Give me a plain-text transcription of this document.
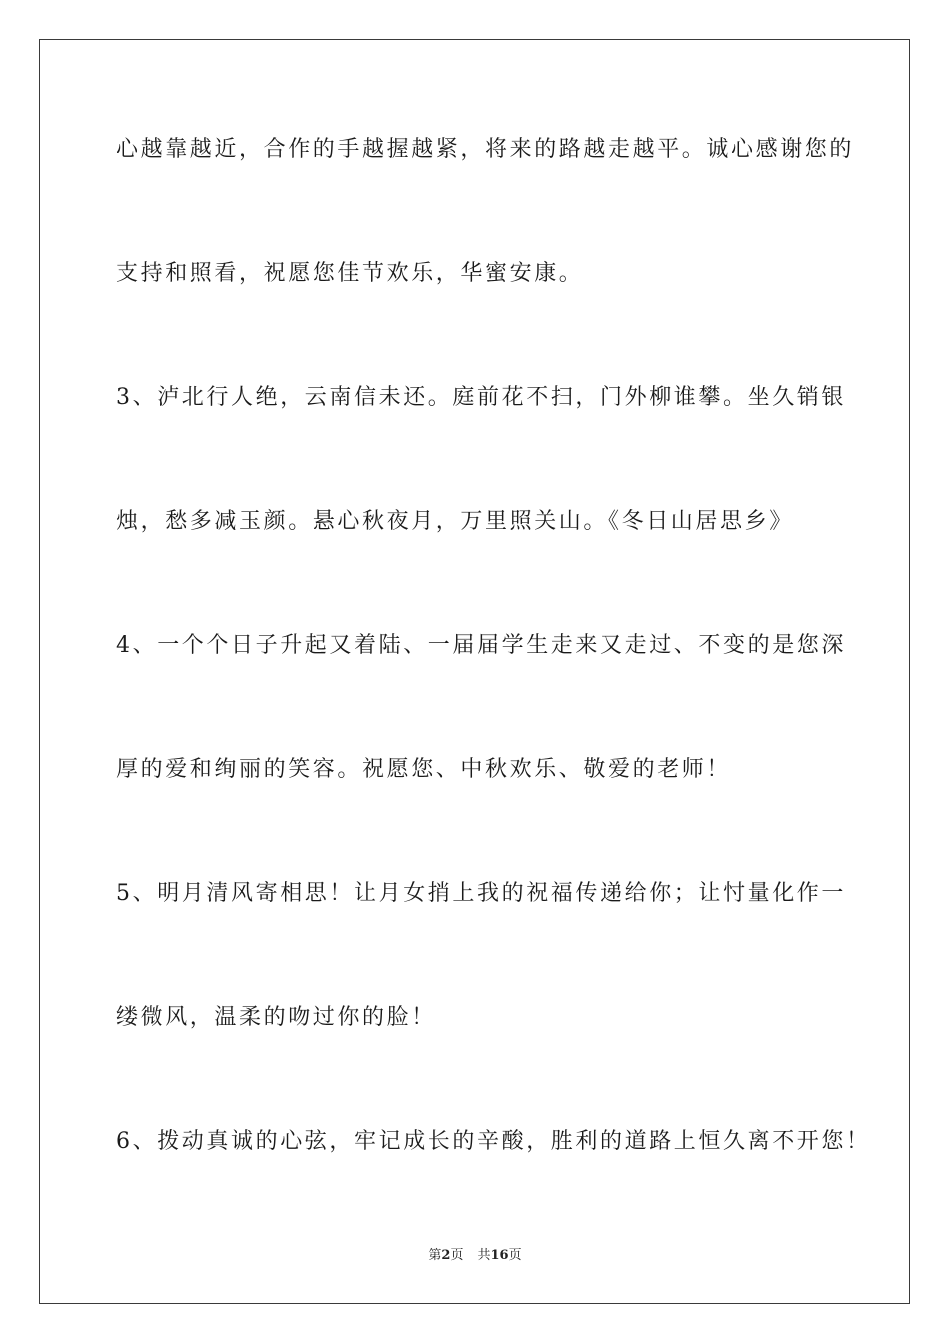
心越靠越近，合作的手越握越紧，将来的路越走越平。诚心感谢您的
支持和照看，祝愿您佳节欢乐，华蜜安康。
3、泸北行人绝，云南信未还。庭前花不扫，门外柳谁攀。坐久销银
烛，愁多减玉颜。悬心秋夜月，万里照关山。《冬日山居思乡》
4、一个个日子升起又着陆、一届届学生走来又走过、不变的是您深
厚的爱和绚丽的笑容。祝愿您、中秋欢乐、敬爱的老师！
5、明月清风寄相思！让月女捎上我的祝福传递给你；让忖量化作一
缕微风，温柔的吻过你的脸！
6、拨动真诚的心弦，牢记成长的辛酸，胜利的道路上恒久离不开您！
第2页 共16页
